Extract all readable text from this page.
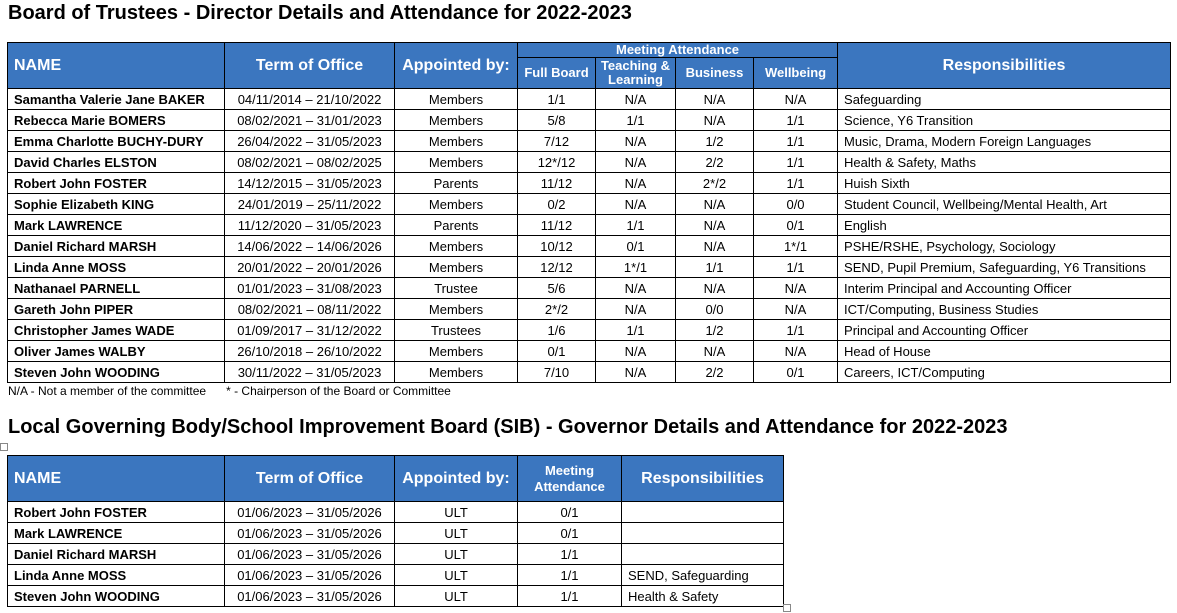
Board of Trustees - Director Details and Attendance for 2022-2023
NAME	Term of Office	Appointed by:	Meeting Attendance				Responsibilities
			Full Board	Teaching & Learning	Business	Wellbeing	
Samantha Valerie Jane BAKER	04/11/2014 – 21/10/2022	Members	1/1	N/A	N/A	N/A	Safeguarding
Rebecca Marie BOMERS	08/02/2021 – 31/01/2023	Members	5/8	1/1	N/A	1/1	Science, Y6 Transition
Emma Charlotte BUCHY-DURY	26/04/2022 – 31/05/2023	Members	7/12	N/A	1/2	1/1	Music, Drama, Modern Foreign Languages
David Charles ELSTON	08/02/2021 – 08/02/2025	Members	12*/12	N/A	2/2	1/1	Health & Safety, Maths
Robert John FOSTER	14/12/2015 – 31/05/2023	Parents	11/12	N/A	2*/2	1/1	Huish Sixth
Sophie Elizabeth KING	24/01/2019 – 25/11/2022	Members	0/2	N/A	N/A	0/0	Student Council, Wellbeing/Mental Health, Art
Mark LAWRENCE	11/12/2020 – 31/05/2023	Parents	11/12	1/1	N/A	0/1	English
Daniel Richard MARSH	14/06/2022 – 14/06/2026	Members	10/12	0/1	N/A	1*/1	PSHE/RSHE, Psychology, Sociology
Linda Anne MOSS	20/01/2022 – 20/01/2026	Members	12/12	1*/1	1/1	1/1	SEND, Pupil Premium, Safeguarding, Y6 Transitions
Nathanael PARNELL	01/01/2023 – 31/08/2023	Trustee	5/6	N/A	N/A	N/A	Interim Principal and Accounting Officer
Gareth John PIPER	08/02/2021 – 08/11/2022	Members	2*/2	N/A	0/0	N/A	ICT/Computing, Business Studies
Christopher James WADE	01/09/2017 – 31/12/2022	Trustees	1/6	1/1	1/2	1/1	Principal and Accounting Officer
Oliver James WALBY	26/10/2018 – 26/10/2022	Members	0/1	N/A	N/A	N/A	Head of House
Steven John WOODING	30/11/2022 – 31/05/2023	Members	7/10	N/A	2/2	0/1	Careers, ICT/Computing
N/A - Not a member of the committee      * - Chairperson of the Board or Committee
Local Governing Body/School Improvement Board (SIB) - Governor Details and Attendance for 2022-2023
NAME	Term of Office	Appointed by:	Meeting Attendance	Responsibilities
Robert John FOSTER	01/06/2023 – 31/05/2026	ULT	0/1	
Mark LAWRENCE	01/06/2023 – 31/05/2026	ULT	0/1	
Daniel Richard MARSH	01/06/2023 – 31/05/2026	ULT	1/1	
Linda Anne MOSS	01/06/2023 – 31/05/2026	ULT	1/1	SEND, Safeguarding
Steven John WOODING	01/06/2023 – 31/05/2026	ULT	1/1	Health & Safety
